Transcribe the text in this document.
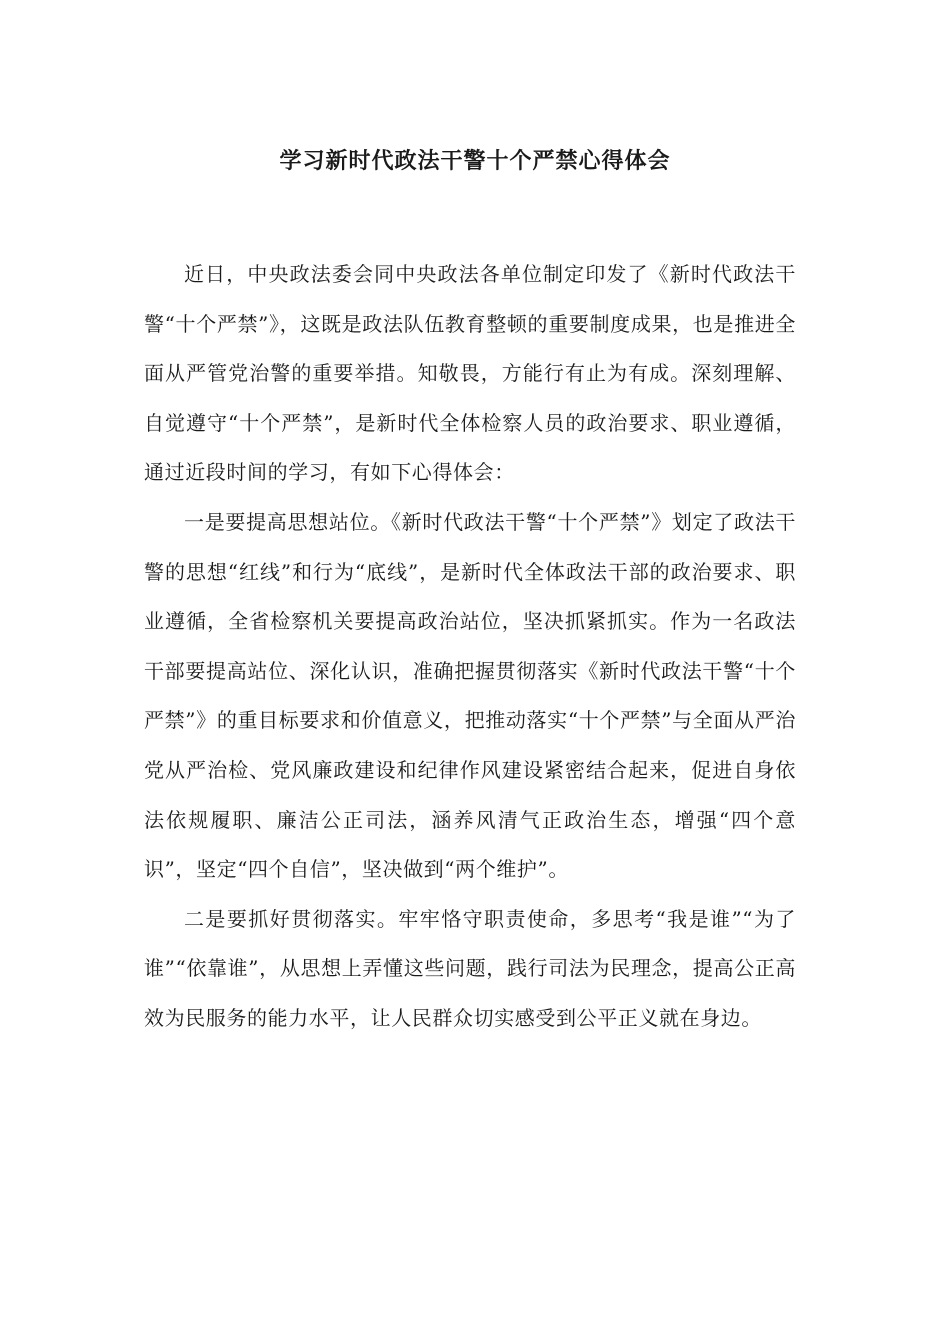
学习新时代政法干警十个严禁心得体会

近日，中央政法委会同中央政法各单位制定印发了《新时代政法干警“十个严禁”》，这既是政法队伍教育整顿的重要制度成果，也是推进全面从严管党治警的重要举措。知敬畏，方能行有止为有成。深刻理解、自觉遵守“十个严禁”，是新时代全体检察人员的政治要求、职业遵循，通过近段时间的学习，有如下心得体会：

一是要提高思想站位。《新时代政法干警“十个严禁”》划定了政法干警的思想“红线”和行为“底线”，是新时代全体政法干部的政治要求、职业遵循，全省检察机关要提高政治站位，坚决抓紧抓实。作为一名政法干部要提高站位、深化认识，准确把握贯彻落实《新时代政法干警“十个严禁”》的重目标要求和价值意义，把推动落实“十个严禁”与全面从严治党从严治检、党风廉政建设和纪律作风建设紧密结合起来，促进自身依法依规履职、廉洁公正司法，涵养风清气正政治生态，增强“四个意识”，坚定“四个自信”，坚决做到“两个维护”。

二是要抓好贯彻落实。牢牢恪守职责使命，多思考“我是谁”“为了谁”“依靠谁”，从思想上弄懂这些问题，践行司法为民理念，提高公正高效为民服务的能力水平，让人民群众切实感受到公平正义就在身边。
